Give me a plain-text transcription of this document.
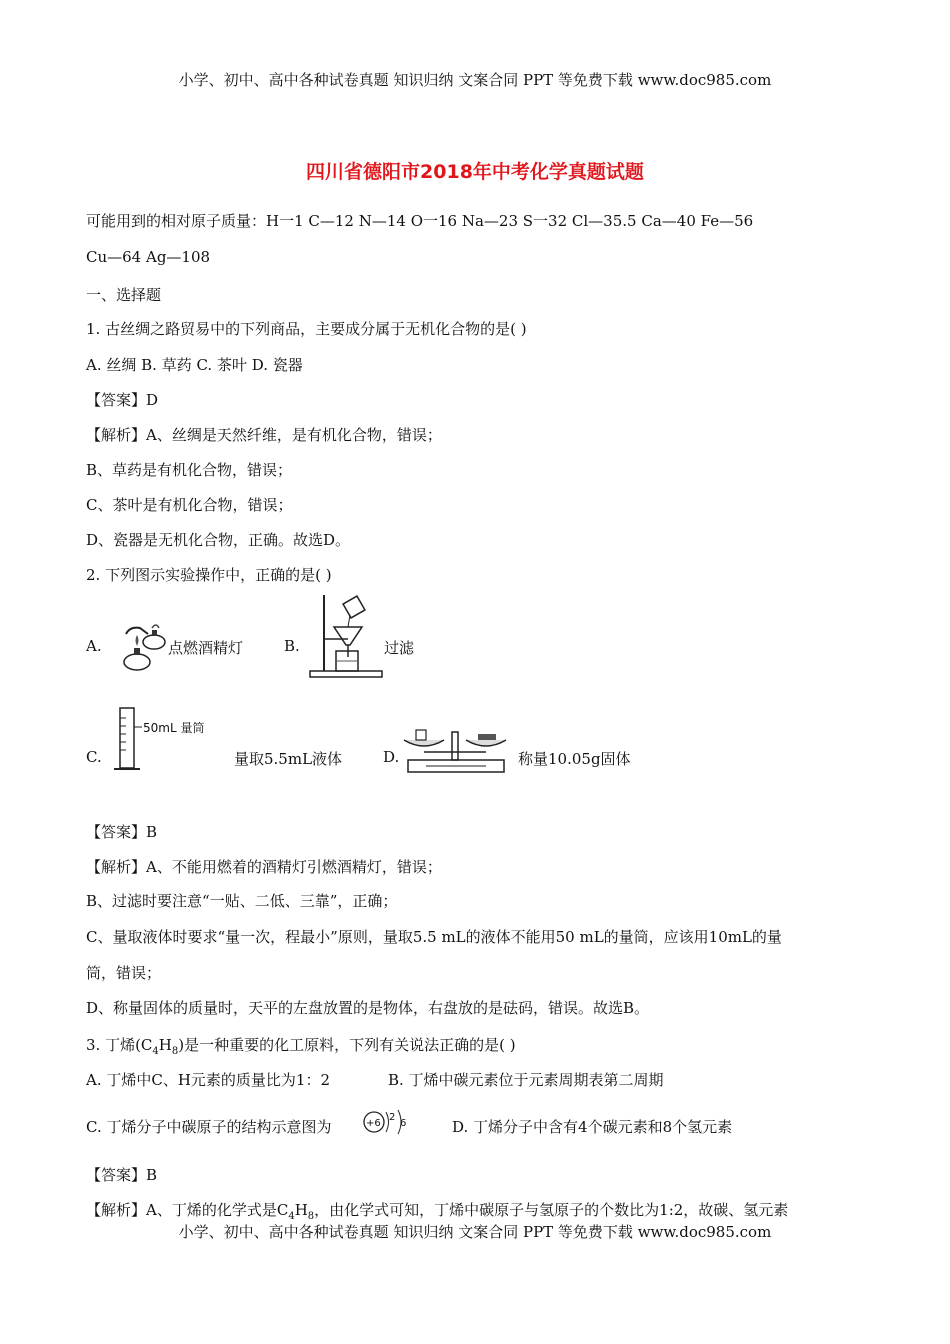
小学、初中、高中各种试卷真题 知识归纳 文案合同 PPT 等免费下载 www.doc985.com
四川省德阳市2018年中考化学真题试题
可能用到的相对原子质量：H一1 C—12 N—14 O一16 Na—23 S一32 Cl—35.5 Ca—40 Fe—56
Cu—64 Ag—108
一、选择题
1. 古丝绸之路贸易中的下列商品，主要成分属于无机化合物的是( )
A. 丝绸 B. 草药 C. 茶叶 D. 瓷器
【答案】D
【解析】A、丝绸是天然纤维，是有机化合物，错误；
B、草药是有机化合物，错误；
C、茶叶是有机化合物，错误；
D、瓷器是无机化合物，正确。故选D。
2. 下列图示实验操作中，正确的是( )
A.	点燃酒精灯	B.	过滤
C.
50mL 量筒
量取5.5mL液体	D.	称量10.05g固体
【答案】B
【解析】A、不能用燃着的酒精灯引燃酒精灯，错误；
B、过滤时要注意“一贴、二低、三靠”，正确；
C、量取液体时要求“量一次，程最小”原则，量取5.5 mL的液体不能用50 mL的量筒，应该用10mL的量
筒，错误；
D、称量固体的质量时，天平的左盘放置的是物体，右盘放的是砝码，错误。故选B。
3. 丁烯$(C_4H_8)$是一种重要的化工原料，下列有关说法正确的是( )
A. 丁烯中C、H元素的质量比为1：2	B. 丁烯中碳元素位于元素周期表第二周期
C. 丁烯分子中碳原子的结构示意图为	+6
2
6	D. 丁烯分子中含有4个碳元素和8个氢元素
【答案】B
【解析】A、丁烯的化学式是$C_4H_8$，由化学式可知，丁烯中碳原子与氢原子的个数比为1:2，故碳、氢元素
小学、初中、高中各种试卷真题 知识归纳 文案合同 PPT 等免费下载 www.doc985.com
